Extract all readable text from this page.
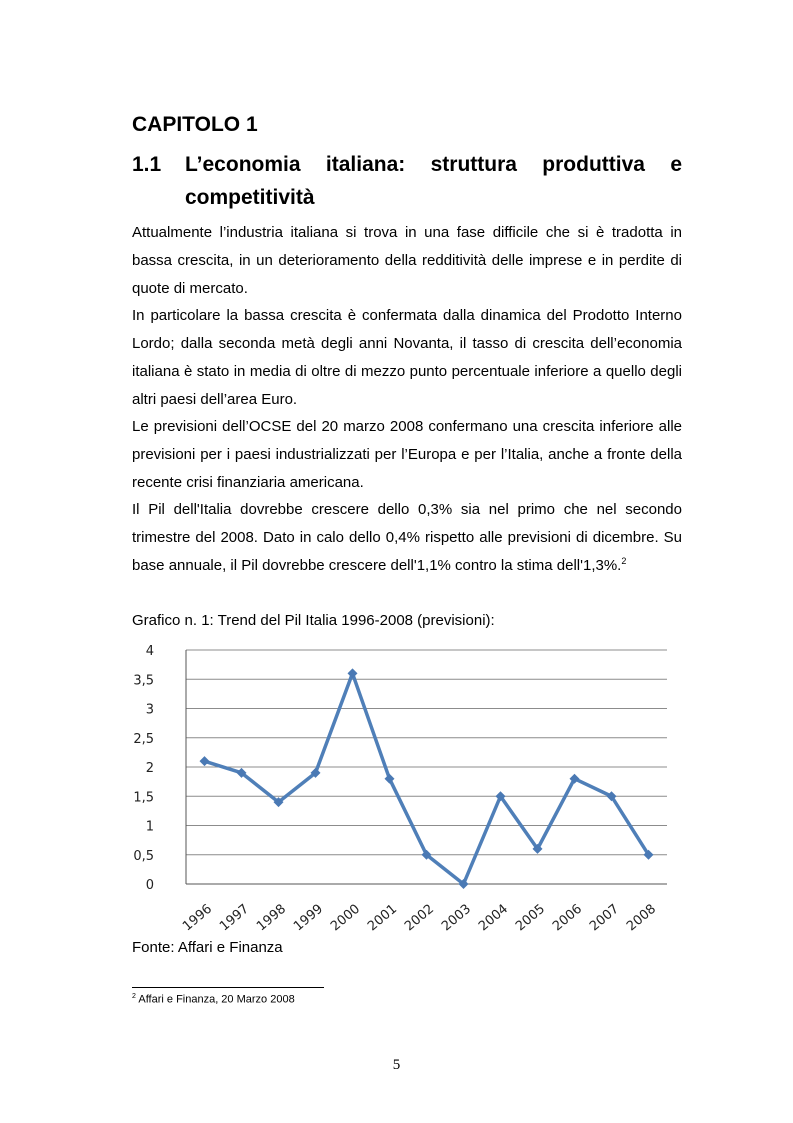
CAPITOLO 1
1.1 L’economia italiana: struttura produttiva e
competitività

Attualmente l’industria italiana si trova in una fase difficile che si è tradotta in bassa crescita, in un deterioramento della redditività delle imprese e in perdite di quote di mercato.

In particolare la bassa crescita è confermata dalla dinamica del Prodotto Interno Lordo; dalla seconda metà degli anni Novanta, il tasso di crescita dell’economia italiana è stato in media di oltre di mezzo punto percentuale inferiore a quello degli altri paesi dell’area Euro.

Le previsioni dell’OCSE del 20 marzo 2008 confermano una crescita inferiore alle previsioni per i paesi industrializzati per l’Europa e per l’Italia, anche a fronte della recente crisi finanziaria americana.

Il Pil dell'Italia dovrebbe crescere dello 0,3% sia nel primo che nel secondo trimestre del 2008. Dato in calo dello 0,4% rispetto alle previsioni di dicembre. Su base annuale, il Pil dovrebbe crescere dell'1,1% contro la stima dell'1,3%.$^2$

Grafico n. 1: Trend del Pil Italia 1996-2008 (previsioni):
0
0,5
1
1,5
2
2,5
3
3,5
4
1996 1997 1998 1999 2000 2001 2002 2003 2004 2005 2006 2007 2008
Fonte: Affari e Finanza
$^2$ Affari e Finanza, 20 Marzo 2008
5
